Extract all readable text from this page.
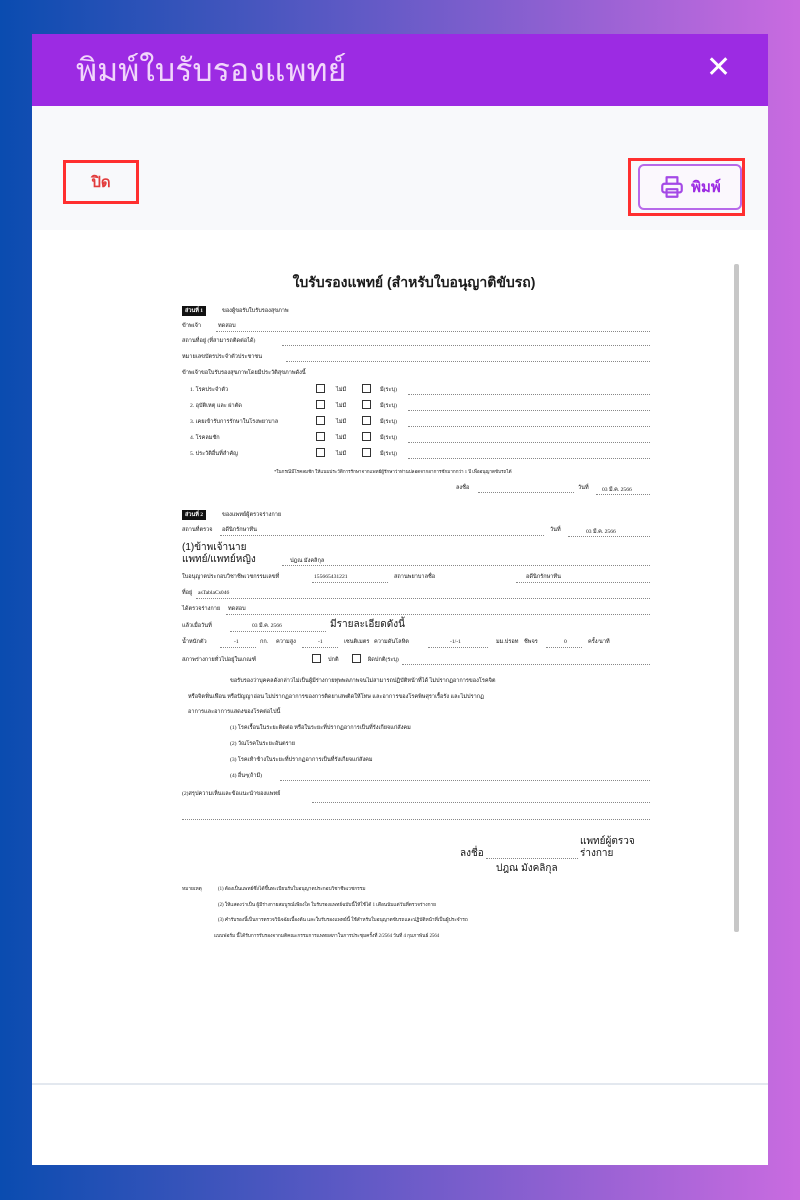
พิมพ์ใบรับรองแพทย์	✕
ปิด	พิมพ์
ใบรับรองแพทย์ (สำหรับใบอนุญาติขับรถ)
ส่วนที่ 1	ของผู้ขอรับใบรับรองสุขภาพ
ข้าพเจ้า	ทดสอบ
สถานที่อยู่ (ที่สามารถติดต่อได้)
หมายเลขบัตรประจำตัวประชาชน
ข้าพเจ้าขอใบรับรองสุขภาพโดยมีประวัติสุขภาพดังนี้
1. โรคประจำตัว	ไม่มี	มี(ระบุ)
2. อุบัติเหตุ และ ผ่าตัด	ไม่มี	มี(ระบุ)
3. เคยเข้ารับการรักษาในโรงพยาบาล	ไม่มี	มี(ระบุ)
4. โรคลมชัก	ไม่มี	มี(ระบุ)
5. ประวัติอื่นที่สำคัญ	ไม่มี	มี(ระบุ)
*ในกรณีมีโรคลมชัก ให้แนบประวัติการรักษาจากแพทย์ผู้รักษาว่าท่านปลอดจากอาการชักมากกว่า 1 ปี เพื่ออนุญาตขับรถได้
ลงชื่อ	วันที่ 03 มี.ค. 2566
ส่วนที่ 2	ของแพทย์ผู้ตรวจร่างกาย
สถานที่ตรวจ อดีนิกรักษาทีน	วันที่	03 มี.ค. 2566
(1)ข้าพเจ้านาย
แพทย์/แพทย์หญิง	ปฎณ มังคลิกุล
ใบอนุญาตประกอบวิชาชีพเวชกรรมเลขที่	155665431221	สถานพยาบาลชื่อ	อดีนิกรักษาทีน
ที่อยู่ asTablaCs046
ได้ตรวจร่างกาย ทดสอบ
แล้วเมื่อวันที่	03 มี.ค. 2566	มีรายละเอียดดังนี้
น้ำหนักตัว	-1	กก. ความสูง	-1	เซนติเมตร ความดันโลหิต	-1/-1	มม.ปรอท ชีพจร	0	ครั้ง/นาที
สภาพร่างกายทั่วไปอยู่ในเกณฑ์	ปกติ	ผิดปกติ(ระบุ)
ขอรับรองว่าบุคคลดังกล่าวไม่เป็นผู้มีร่างกายทุพพลภาพจนไม่สามารถปฏิบัติหน้าที่ได้ ไม่ปรากฏอาการของโรคจิต
หรือจิตฟั่นเฟือน หรือปัญญาอ่อน ไม่ปรากฏอาการของการติดยาเสพติดให้โทษ และอาการของโรคพิษสุราเรื้อรัง และไม่ปรากฏ
อาการและอาการแสดงของโรคต่อไปนี้
(1) โรคเรื้อนในระยะติดต่อ หรือในระยะที่ปรากฏอาการเป็นที่รังเกียจแก่สังคม
(2) วัณโรคในระยะอันตราย
(3) โรคเท้าช้างในระยะที่ปรากฏอาการเป็นที่รังเกียจแก่สังคม
(4) อื่นๆ(ถ้ามี)
(2)สรุปความเห็นและข้อแนะนำของแพทย์
แพทย์ผู้ตรวจ
ลงชื่อ	ร่างกาย
ปฎณ มังคลิกุล
หมายเหตุ	(1) ต้องเป็นแพทย์ซึ่งได้ขึ้นทะเบียนรับใบอนุญาตประกอบวิชาชีพเวชกรรม
(2) ให้แสดงว่าเป็น ผู้มีร่างกายสมบูรณ์เพียงใด ใบรับรองแพทย์ฉบับนี้ให้ใช้ได้ 1 เดือนนับแต่วันที่ตรวจร่างกาย
(3) คำรับรองนี้เป็นการตรวจวินิจฉัยเบื้องต้น และใบรับรองแพทย์นี้ ใช้สำหรับใบอนุญาตขับรถและปฏิบัติหน้าที่เป็นผู้ประจำรถ
แบบฟอร์ม นี้ได้รับการรับรองจากมติคณะกรรมการแพทยสภาในการประชุมครั้งที่ 2/2564 วันที่ 4 กุมภาพันธ์ 2564
